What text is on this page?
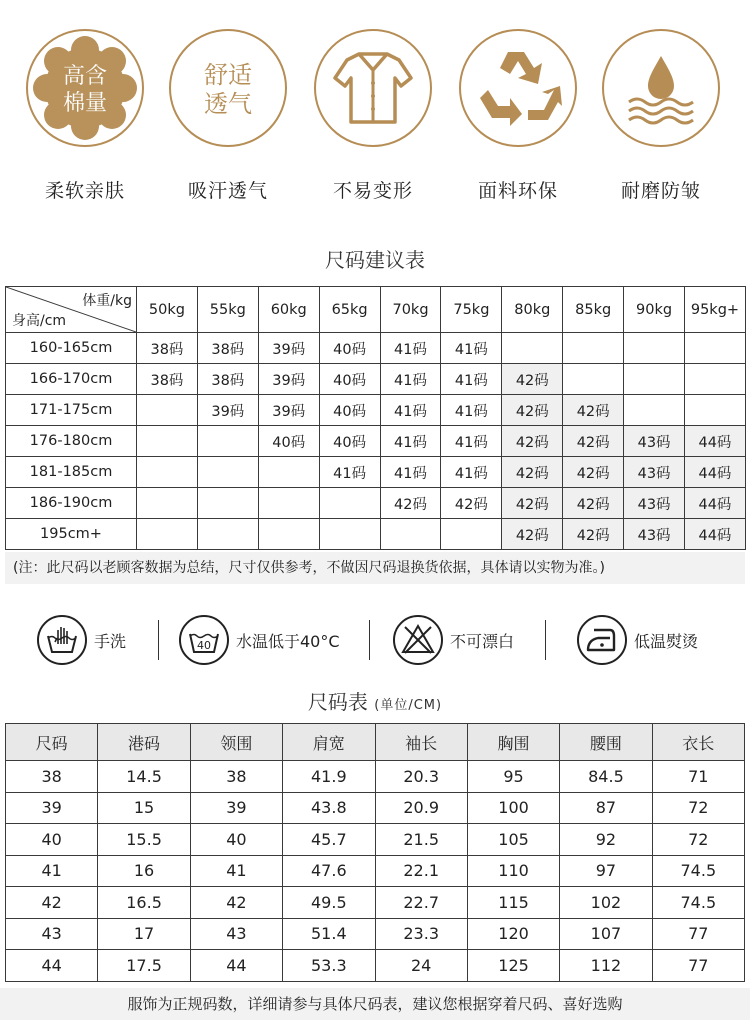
高含
棉量
柔软亲肤
舒适
透气
吸汗透气	不易变形	面料环保	耐磨防皱
尺码建议表
体重/kg
身高/cm	50kg	55kg	60kg	65kg	70kg	75kg	80kg	85kg	90kg	95kg+
160-165cm	38码	38码	39码	40码	41码	41码				
166-170cm	38码	38码	39码	40码	41码	41码	42码			
171-175cm		39码	39码	40码	41码	41码	42码	42码		
176-180cm			40码	40码	41码	41码	42码	42码	43码	44码
181-185cm				41码	41码	41码	42码	42码	43码	44码
186-190cm					42码	42码	42码	42码	43码	44码
195cm+							42码	42码	43码	44码
(注：此尺码以老顾客数据为总结，尺寸仅供参考，不做因尺码退换货依据，具体请以实物为准。)
手洗	40 水温低于40°C	不可漂白	低温熨烫
尺码表 (单位/CM)
尺码	港码	领围	肩宽	袖长	胸围	腰围	衣长
38	14.5	38	41.9	20.3	95	84.5	71
39	15	39	43.8	20.9	100	87	72
40	15.5	40	45.7	21.5	105	92	72
41	16	41	47.6	22.1	110	97	74.5
42	16.5	42	49.5	22.7	115	102	74.5
43	17	43	51.4	23.3	120	107	77
44	17.5	44	53.3	24	125	112	77
服饰为正规码数，详细请参与具体尺码表，建议您根据穿着尺码、喜好选购
